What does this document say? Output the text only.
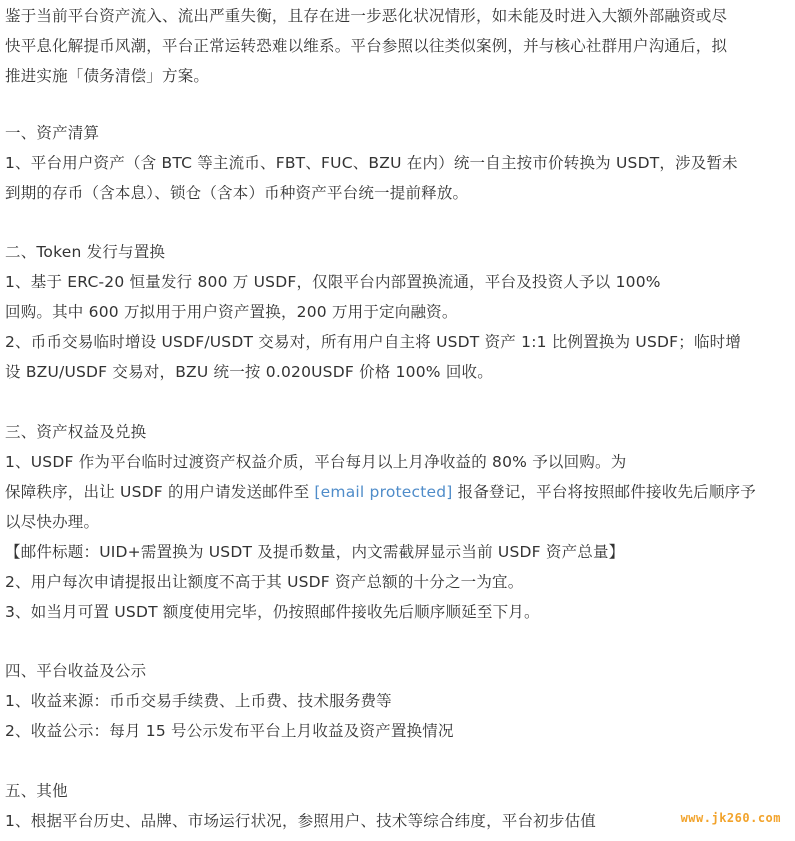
鉴于当前平台资产流入、流出严重失衡，且存在进一步恶化状况情形，如未能及时进入大额外部融资或尽
快平息化解提币风潮，平台正常运转恐难以维系。平台参照以往类似案例，并与核心社群用户沟通后，拟
推进实施「债务清偿」方案。
一、资产清算
1、平台用户资产（含 BTC 等主流币、FBT、FUC、BZU 在内）统一自主按市价转换为 USDT，涉及暂未
到期的存币（含本息）、锁仓（含本）币种资产平台统一提前释放。
二、Token 发行与置换
1、基于 ERC-20 恒量发行 800 万 USDF，仅限平台内部置换流通，平台及投资人予以 100%
回购。其中 600 万拟用于用户资产置换，200 万用于定向融资。
2、币币交易临时增设 USDF/USDT 交易对，所有用户自主将 USDT 资产 1:1 比例置换为 USDF；临时增
设 BZU/USDF 交易对，BZU 统一按 0.020USDF 价格 100% 回收。
三、资产权益及兑换
1、USDF 作为平台临时过渡资产权益介质，平台每月以上月净收益的 80% 予以回购。为
保障秩序，出让 USDF 的用户请发送邮件至 [email protected] 报备登记，平台将按照邮件接收先后顺序予
以尽快办理。
【邮件标题：UID+需置换为 USDT 及提币数量，内文需截屏显示当前 USDF 资产总量】
2、用户每次申请提报出让额度不高于其 USDF 资产总额的十分之一为宜。
3、如当月可置 USDT 额度使用完毕，仍按照邮件接收先后顺序顺延至下月。
四、平台收益及公示
1、收益来源：币币交易手续费、上币费、技术服务费等
2、收益公示：每月 15 号公示发布平台上月收益及资产置换情况
五、其他
1、根据平台历史、品牌、市场运行状况，参照用户、技术等综合纬度，平台初步估值	www.jk260.com
